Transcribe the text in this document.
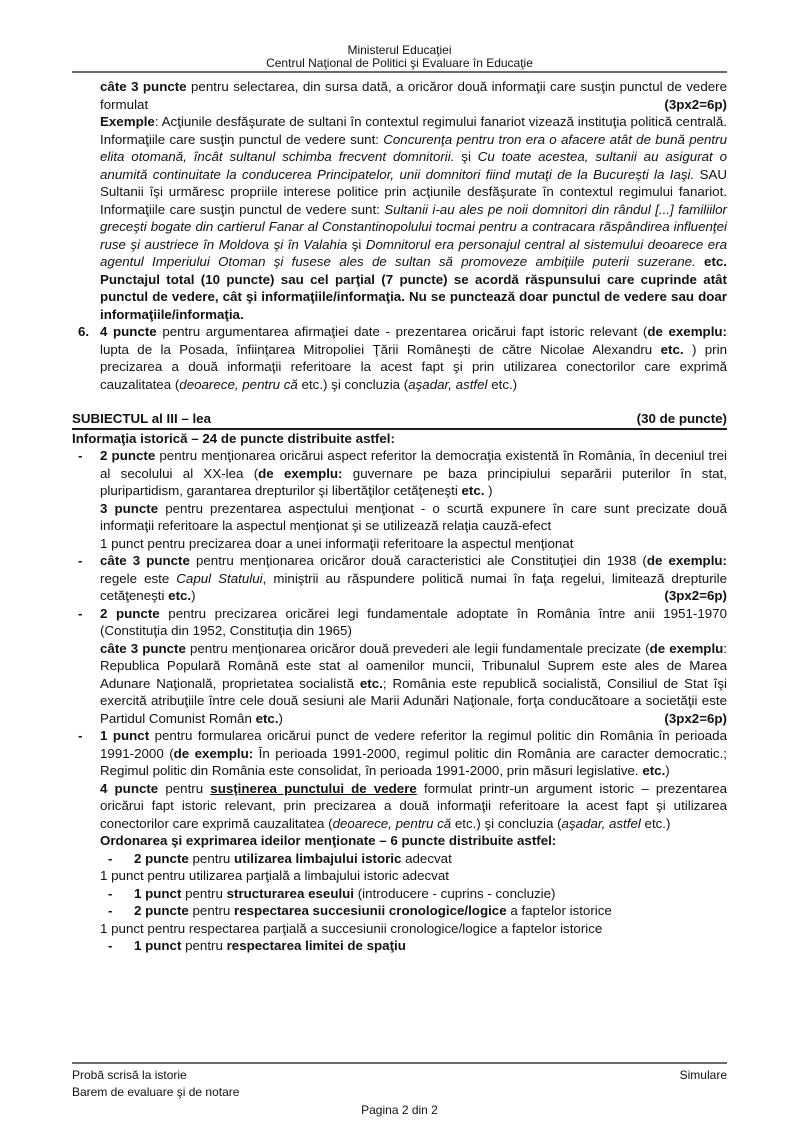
Ministerul Educaţiei
Centrul Naţional de Politici şi Evaluare în Educaţie

câte 3 puncte pentru selectarea, din sursa dată, a oricăror două informaţii care susţin punctul de vedere formulat	(3px2=6p)

Exemple: Acţiunile desfăşurate de sultani în contextul regimului fanariot vizează instituţia politică centrală. Informaţiile care susţin punctul de vedere sunt: Concurenţa pentru tron era o afacere atât de bună pentru elita otomană, încât sultanul schimba frecvent domnitorii. şi Cu toate acestea, sultanii au asigurat o anumită continuitate la conducerea Principatelor, unii domnitori fiind mutaţi de la Bucureşti la Iaşi. SAU Sultanii îşi urmăresc propriile interese politice prin acţiunile desfăşurate în contextul regimului fanariot. Informaţiile care susţin punctul de vedere sunt: Sultanii i-au ales pe noii domnitori din rândul [...] familiilor greceşti bogate din cartierul Fanar al Constantinopolului tocmai pentru a contracara răspândirea influenţei ruse şi austriece în Moldova şi în Valahia şi Domnitorul era personajul central al sistemului deoarece era agentul Imperiului Otoman şi fusese ales de sultan să promoveze ambiţiile puterii suzerane. etc. Punctajul total (10 puncte) sau cel parţial (7 puncte) se acordă răspunsului care cuprinde atât punctul de vedere, cât şi informaţiile/informaţia. Nu se punctează doar punctul de vedere sau doar informaţiile/informaţia.

6. 4 puncte pentru argumentarea afirmaţiei date - prezentarea oricărui fapt istoric relevant (de exemplu: lupta de la Posada, înfiinţarea Mitropoliei Ţării Româneşti de către Nicolae Alexandru etc. ) prin precizarea a două informaţii referitoare la acest fapt şi prin utilizarea conectorilor care exprimă cauzalitatea (deoarece, pentru că etc.) şi concluzia (aşadar, astfel etc.)

SUBIECTUL al III – lea	(30 de puncte)

Informaţia istorică – 24 de puncte distribuite astfel:

-	2 puncte pentru menţionarea oricărui aspect referitor la democraţia existentă în România, în deceniul trei al secolului al XX-lea (de exemplu: guvernare pe baza principiului separării puterilor în stat, pluripartidism, garantarea drepturilor şi libertăţilor cetăţeneşti etc. )

3 puncte pentru prezentarea aspectului menţionat - o scurtă expunere în care sunt precizate două informaţii referitoare la aspectul menţionat şi se utilizează relaţia cauză-efect

1 punct pentru precizarea doar a unei informaţii referitoare la aspectul menţionat

-	câte 3 puncte pentru menţionarea oricăror două caracteristici ale Constituţiei din 1938 (de exemplu: regele este Capul Statului, miniştrii au răspundere politică numai în faţa regelui, limitează drepturile cetăţeneşti etc.)	(3px2=6p)

-	2 puncte pentru precizarea oricărei legi fundamentale adoptate în România între anii 1951-1970 (Constituţia din 1952, Constituţia din 1965)

câte 3 puncte pentru menţionarea oricăror două prevederi ale legii fundamentale precizate (de exemplu: Republica Populară Română este stat al oamenilor muncii, Tribunalul Suprem este ales de Marea Adunare Naţională, proprietatea socialistă etc.; România este republică socialistă, Consiliul de Stat îşi exercită atribuţiile între cele două sesiuni ale Marii Adunări Naţionale, forţa conducătoare a societăţii este Partidul Comunist Român etc.)	(3px2=6p)

-	1 punct pentru formularea oricărui punct de vedere referitor la regimul politic din România în perioada 1991-2000 (de exemplu: În perioada 1991-2000, regimul politic din România are caracter democratic.; Regimul politic din România este consolidat, în perioada 1991-2000, prin măsuri legislative. etc.)

4 puncte pentru susţinerea punctului de vedere formulat printr-un argument istoric – prezentarea oricărui fapt istoric relevant, prin precizarea a două informaţii referitoare la acest fapt şi utilizarea conectorilor care exprimă cauzalitatea (deoarece, pentru că etc.) şi concluzia (aşadar, astfel etc.)

Ordonarea şi exprimarea ideilor menţionate – 6 puncte distribuite astfel:

-	2 puncte pentru utilizarea limbajului istoric adecvat

1 punct pentru utilizarea parţială a limbajului istoric adecvat

-	1 punct pentru structurarea eseului (introducere - cuprins - concluzie)

-	2 puncte pentru respectarea succesiunii cronologice/logice a faptelor istorice

1 punct pentru respectarea parţială a succesiunii cronologice/logice a faptelor istorice

-	1 punct pentru respectarea limitei de spaţiu

Probă scrisă la istorie	Simulare
Barem de evaluare şi de notare
Pagina 2 din 2
